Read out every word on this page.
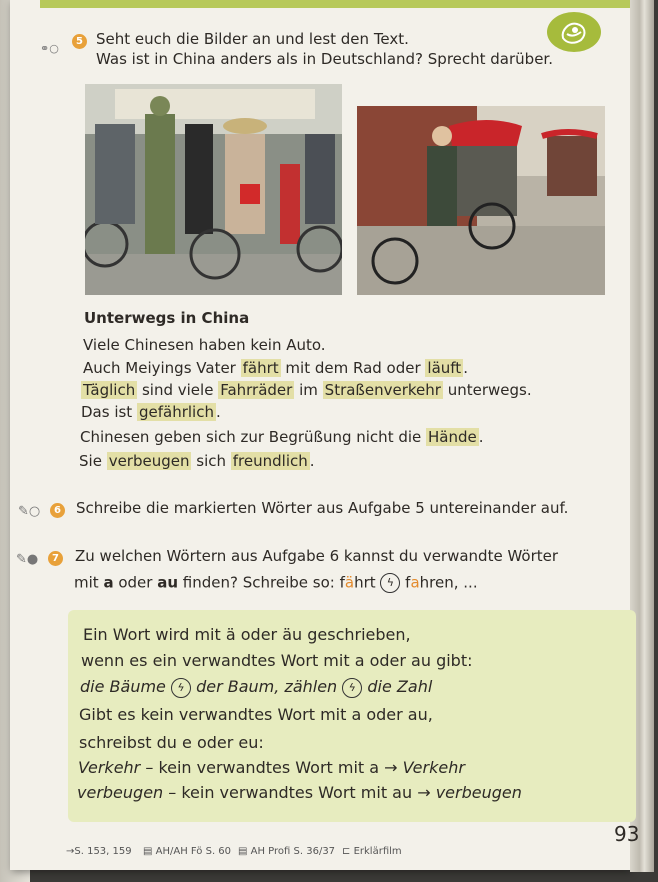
⚭○
5 Seht euch die Bilder an und lest den Text.
Was ist in China anders als in Deutschland? Sprecht darüber.
Unterwegs in China
Viele Chinesen haben kein Auto.
Auch Meiyings Vater fährt mit dem Rad oder läuft .
Täglich sind viele Fahrräder im Straßenverkehr unterwegs.
Das ist gefährlich .
Chinesen geben sich zur Begrüßung nicht die Hände .
Sie verbeugen sich freundlich .
✎○	6 Schreibe die markierten Wörter aus Aufgabe 5 untereinander auf.
✎●	7 Zu welchen Wörtern aus Aufgabe 6 kannst du verwandte Wörter
mit a oder au finden? Schreibe so: fährt ϟ fahren, ...
Ein Wort wird mit ä oder äu geschrieben,
wenn es ein verwandtes Wort mit a oder au gibt:
die Bäume ϟ der Baum, zählen ϟ die Zahl
Gibt es kein verwandtes Wort mit a oder au,
schreibst du e oder eu:
Verkehr – kein verwandtes Wort mit a → Verkehr
verbeugen – kein verwandtes Wort mit au → verbeugen
93
→S. 153, 159 ▤ AH/AH Fö S. 60 ▤ AH Profi S. 36/37 ⊏ Erklärfilm
